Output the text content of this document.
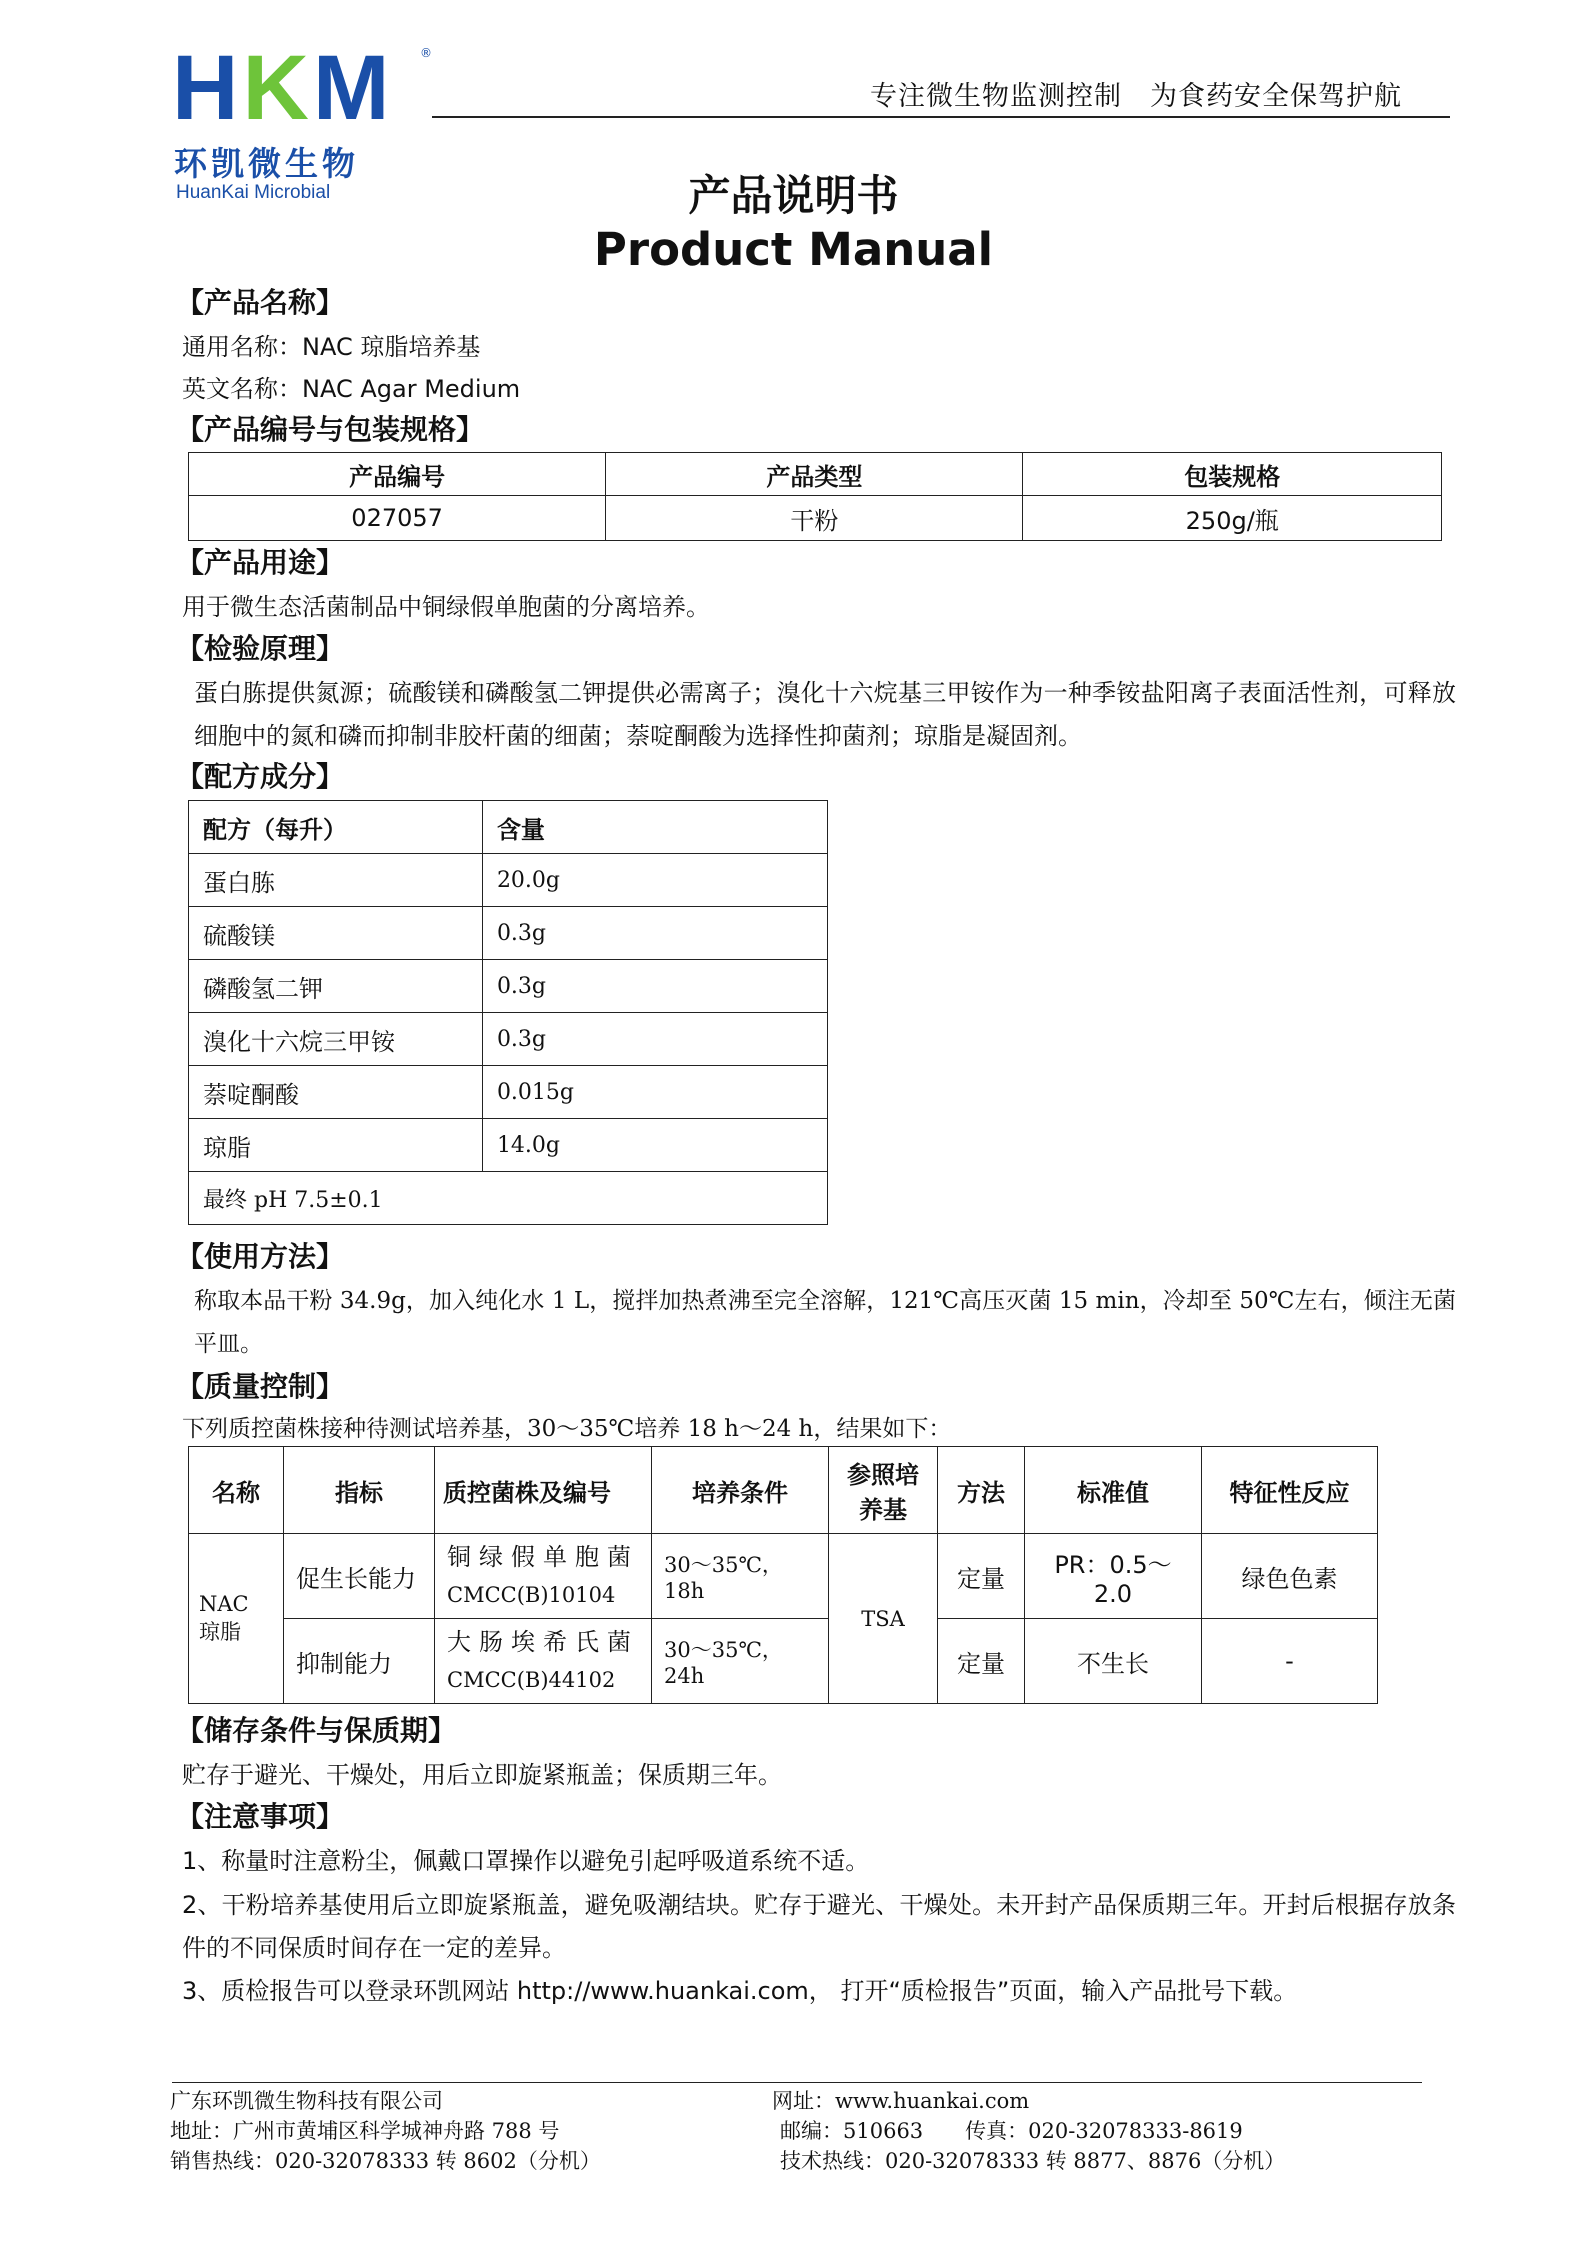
HKM ®
环凯微生物
HuanKai Microbial
专注微生物监测控制　为食药安全保驾护航
产品说明书
Product Manual
【产品名称】
通用名称：NAC 琼脂培养基
英文名称：NAC Agar Medium
【产品编号与包装规格】
产品编号	产品类型	包装规格
027057	干粉	250g/瓶
【产品用途】
用于微生态活菌制品中铜绿假单胞菌的分离培养。
【检验原理】
蛋白胨提供氮源；硫酸镁和磷酸氢二钾提供必需离子；溴化十六烷基三甲铵作为一种季铵盐阳离子表面活性剂，可释放细胞中的氮和磷而抑制非胶杆菌的细菌；萘啶酮酸为选择性抑菌剂；琼脂是凝固剂。
【配方成分】
配方（每升）	含量
蛋白胨	20.0g
硫酸镁	0.3g
磷酸氢二钾	0.3g
溴化十六烷三甲铵	0.3g
萘啶酮酸	0.015g
琼脂	14.0g
最终 pH 7.5±0.1	
【使用方法】
称取本品干粉 34.9g，加入纯化水 1 L，搅拌加热煮沸至完全溶解，121℃高压灭菌 15 min，冷却至 50℃左右，倾注无菌平皿。
【质量控制】
下列质控菌株接种待测试培养基，30～35℃培养 18 h～24 h，结果如下：
名称	指标	质控菌株及编号	培养条件	参照培养基	方法	标准值	特征性反应
NAC 琼脂	促生长能力	铜绿假单胞菌
CMCC(B)10104	30～35℃，18h	TSA	定量	PR：0.5～2.0	绿色色素
	抑制能力	大肠埃希氏菌
CMCC(B)44102	30～35℃，24h		定量	不生长	-
【储存条件与保质期】
贮存于避光、干燥处，用后立即旋紧瓶盖；保质期三年。
【注意事项】
1、称量时注意粉尘，佩戴口罩操作以避免引起呼吸道系统不适。
2、干粉培养基使用后立即旋紧瓶盖，避免吸潮结块。贮存于避光、干燥处。未开封产品保质期三年。开封后根据存放条件的不同保质时间存在一定的差异。
3、质检报告可以登录环凯网站 http://www.huankai.com， 打开“质检报告”页面，输入产品批号下载。
广东环凯微生物科技有限公司
地址：广州市黄埔区科学城神舟路 788 号
销售热线：020-32078333 转 8602（分机）
网址：www.huankai.com
邮编：510663　　传真：020-32078333-8619
技术热线：020-32078333 转 8877、8876（分机）
